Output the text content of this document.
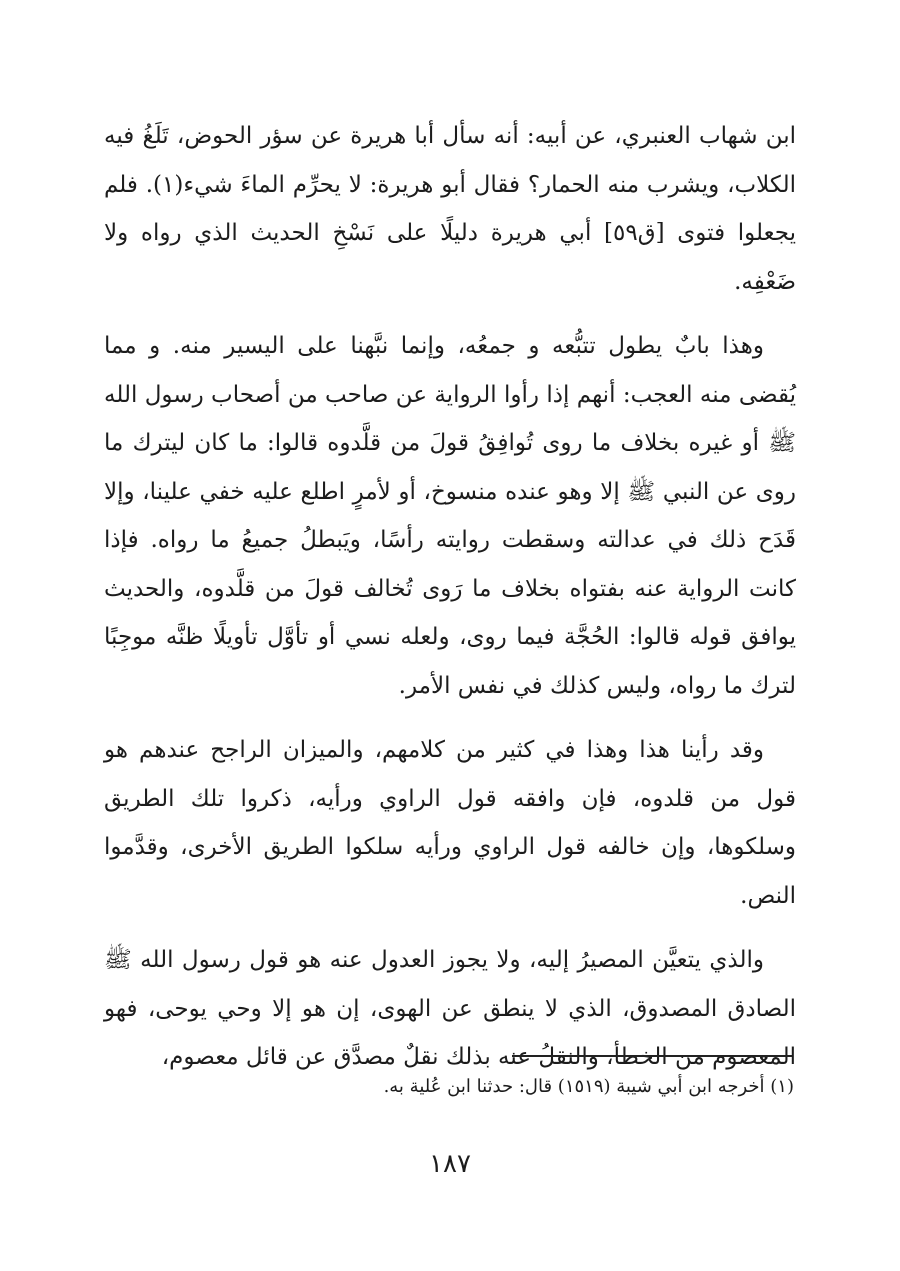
ابن شهاب العنبري، عن أبيه: أنه سأل أبا هريرة عن سؤر الحوض، تَلَغُ فيه الكلاب، ويشرب منه الحمار؟ فقال أبو هريرة: لا يحرِّم الماءَ شيء(١). فلم يجعلوا فتوى [ق٥٩] أبي هريرة دليلًا على نَسْخِ الحديث الذي رواه ولا ضَعْفِه.

وهذا بابٌ يطول تتبُّعه و جمعُه، وإنما نبَّهنا على اليسير منه. و مما يُقضى منه العجب: أنهم إذا رأوا الرواية عن صاحب من أصحاب رسول الله ﷺ أو غيره بخلاف ما روى تُوافِقُ قولَ من قلَّدوه قالوا: ما كان ليترك ما روى عن النبي ﷺ إلا وهو عنده منسوخ، أو لأمرٍ اطلع عليه خفي علينا، وإلا قَدَح ذلك في عدالته وسقطت روايته رأسًا، ويَبطلُ جميعُ ما رواه. فإذا كانت الرواية عنه بفتواه بخلاف ما رَوى تُخالف قولَ من قلَّدوه، والحديث يوافق قوله قالوا: الحُجَّة فيما روى، ولعله نسي أو تأوَّل تأويلًا ظنَّه موجِبًا لترك ما رواه، وليس كذلك في نفس الأمر.

وقد رأينا هذا وهذا في كثير من كلامهم، والميزان الراجح عندهم هو قول من قلدوه، فإن وافقه قول الراوي ورأيه، ذكروا تلك الطريق وسلكوها، وإن خالفه قول الراوي ورأيه سلكوا الطريق الأخرى، وقدَّموا النص.

والذي يتعيَّن المصيرُ إليه، ولا يجوز العدول عنه هو قول رسول الله ﷺ الصادق المصدوق، الذي لا ينطق عن الهوى، إن هو إلا وحي يوحى، فهو المعصوم من الخطأ، والنقلُ عنه بذلك نقلٌ مصدَّق عن قائل معصوم،

(١) أخرجه ابن أبي شيبة (١٥١٩) قال: حدثنا ابن عُلية به.
١٨٧
